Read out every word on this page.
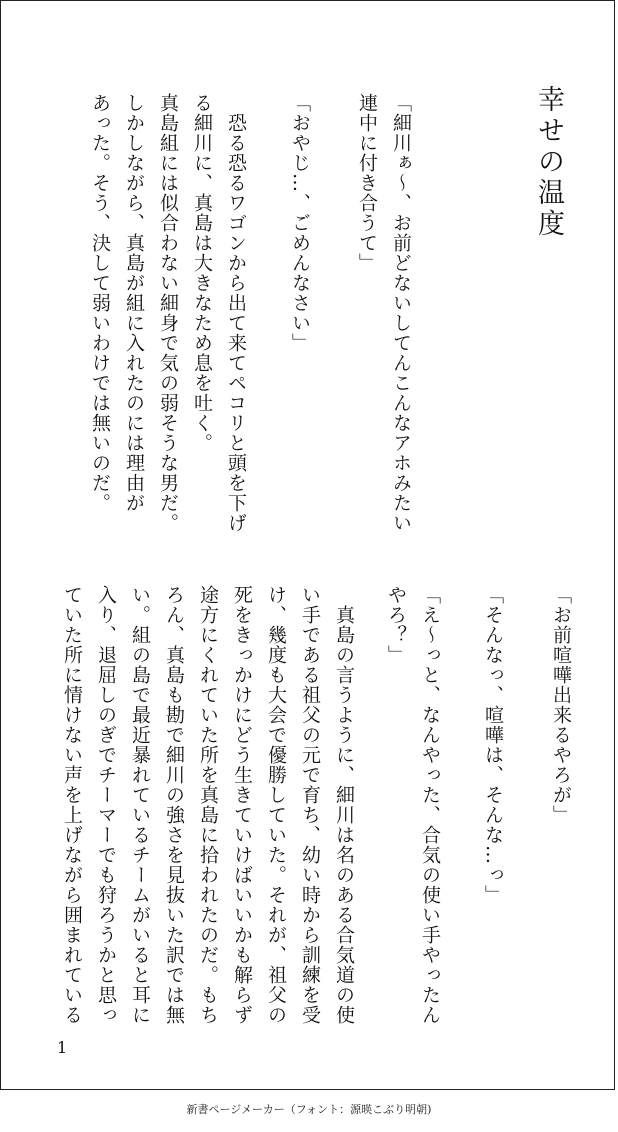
幸せの温度
「細川ぁ～、お前どないしてんこんなアホみたい
連中に付き合うて」
「おやじ…、ごめんなさい」
　恐る恐るワゴンから出て来てペコリと頭を下げ
る細川に、真島は大きなため息を吐く。
真島組には似合わない細身で気の弱そうな男だ。
しかしながら、真島が組に入れたのには理由が
あった。そう、決して弱いわけでは無いのだ。
「お前喧嘩出来るやろが」
「そんなっ、喧嘩は、そんな…っ」
「え～っと、なんやった、合気の使い手やったん
やろ？」
　真島の言うように、細川は名のある合気道の使
い手である祖父の元で育ち、幼い時から訓練を受
け、幾度も大会で優勝していた。それが、祖父の
死をきっかけにどう生きていけばいいかも解らず
途方にくれていた所を真島に拾われたのだ。もち
ろん、真島も勘で細川の強さを見抜いた訳では無
い。組の島で最近暴れているチームがいると耳に
入り、退屈しのぎでチーマーでも狩ろうかと思っ
ていた所に情けない声を上げながら囲まれている
1
新書ページメーカー（フォント：源暎こぶり明朝)
